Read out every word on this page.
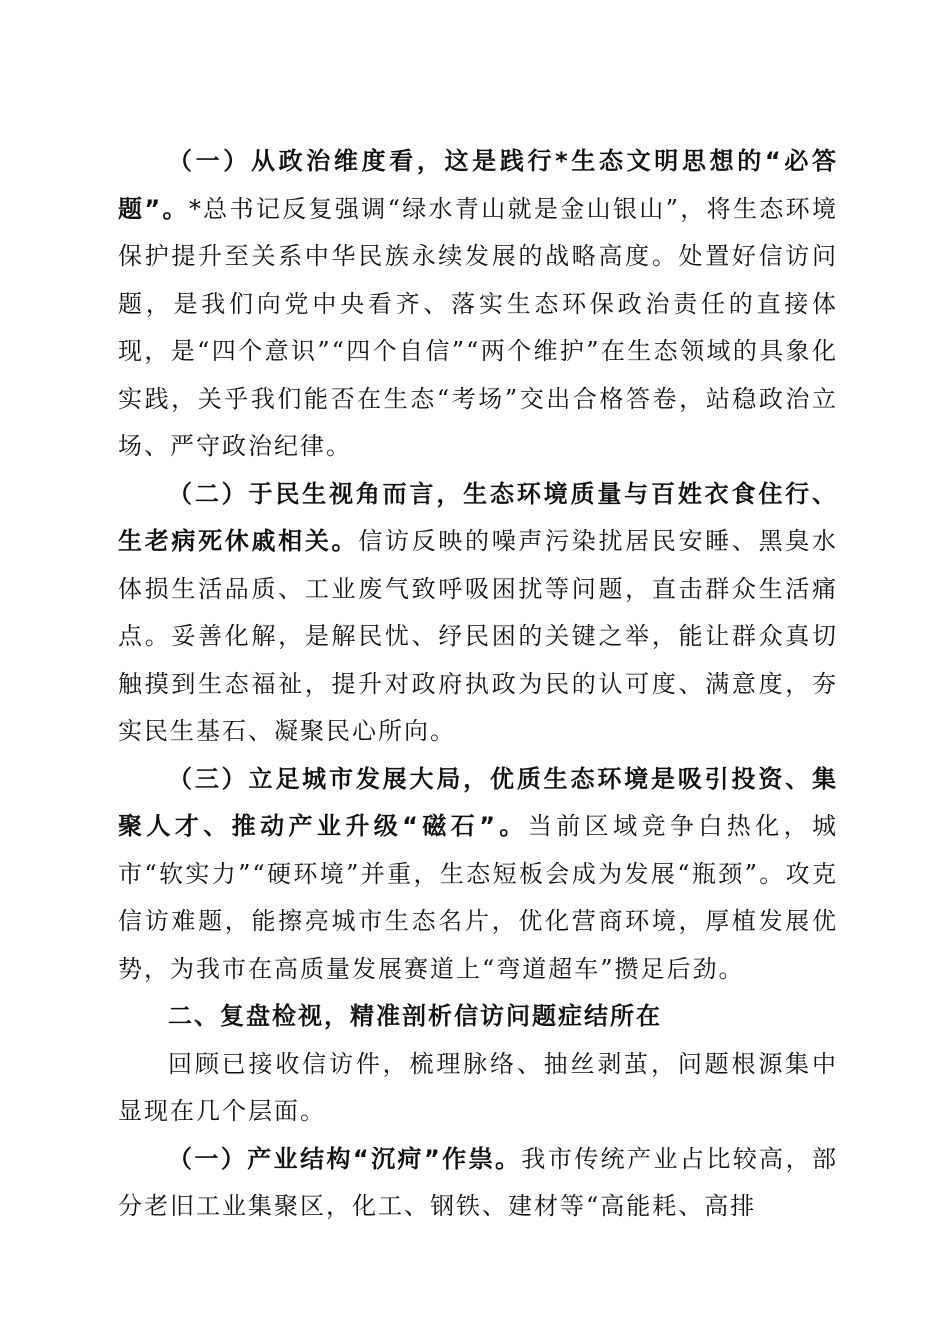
（一）从政治维度看，这是践行*生态文明思想的“必答题”。*总书记反复强调“绿水青山就是金山银山”，将生态环境保护提升至关系中华民族永续发展的战略高度。处置好信访问题，是我们向党中央看齐、落实生态环保政治责任的直接体现，是“四个意识”“四个自信”“两个维护”在生态领域的具象化实践，关乎我们能否在生态“考场”交出合格答卷，站稳政治立场、严守政治纪律。

（二）于民生视角而言，生态环境质量与百姓衣食住行、生老病死休戚相关。信访反映的噪声污染扰居民安睡、黑臭水体损生活品质、工业废气致呼吸困扰等问题，直击群众生活痛点。妥善化解，是解民忧、纾民困的关键之举，能让群众真切触摸到生态福祉，提升对政府执政为民的认可度、满意度，夯实民生基石、凝聚民心所向。

（三）立足城市发展大局，优质生态环境是吸引投资、集聚人才、推动产业升级“磁石”。当前区域竞争白热化，城市“软实力”“硬环境”并重，生态短板会成为发展“瓶颈”。攻克信访难题，能擦亮城市生态名片，优化营商环境，厚植发展优势，为我市在高质量发展赛道上“弯道超车”攒足后劲。

二、复盘检视，精准剖析信访问题症结所在

回顾已接收信访件，梳理脉络、抽丝剥茧，问题根源集中显现在几个层面。

（一）产业结构“沉疴”作祟。我市传统产业占比较高，部分老旧工业集聚区，化工、钢铁、建材等“高能耗、高排
